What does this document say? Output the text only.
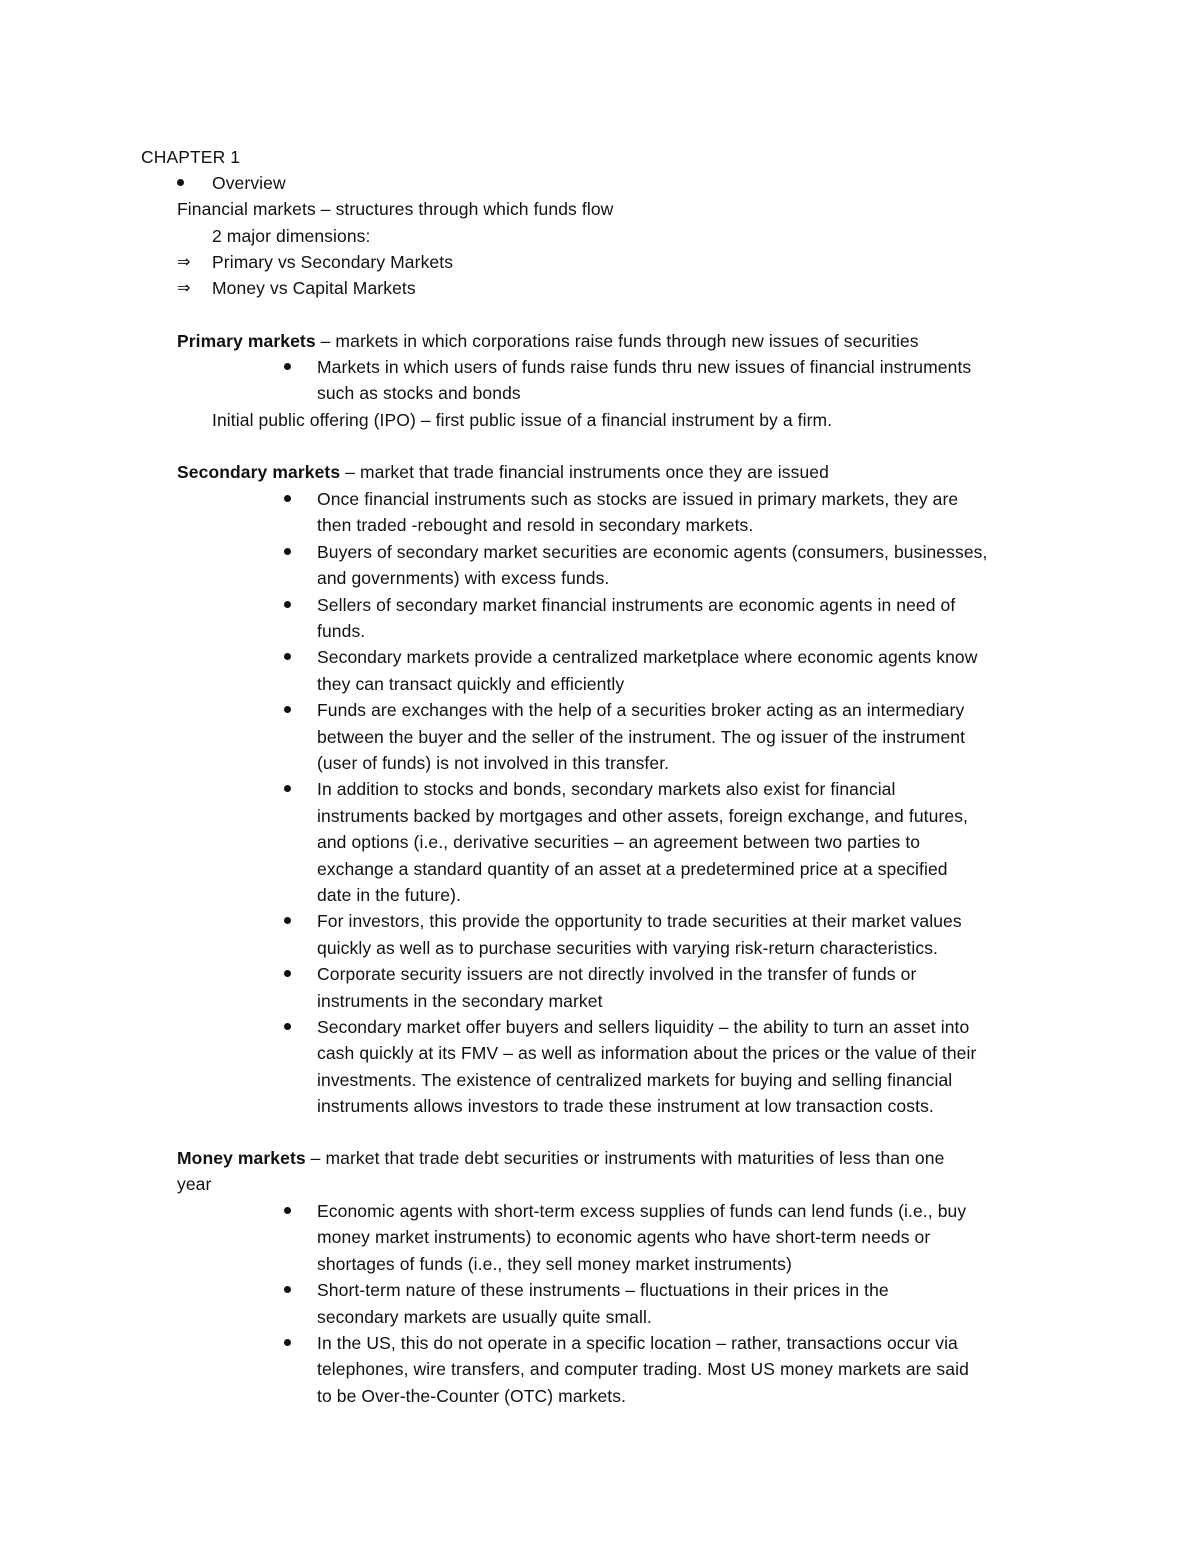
CHAPTER 1
Overview
Financial markets – structures through which funds flow
2 major dimensions:
⇒ Primary vs Secondary Markets
⇒ Money vs Capital Markets
Primary markets – markets in which corporations raise funds through new issues of securities
Markets in which users of funds raise funds thru new issues of financial instruments
such as stocks and bonds
Initial public offering (IPO) – first public issue of a financial instrument by a firm.
Secondary markets – market that trade financial instruments once they are issued
Once financial instruments such as stocks are issued in primary markets, they are
then traded -rebought and resold in secondary markets.
Buyers of secondary market securities are economic agents (consumers, businesses,
and governments) with excess funds.
Sellers of secondary market financial instruments are economic agents in need of
funds.
Secondary markets provide a centralized marketplace where economic agents know
they can transact quickly and efficiently
Funds are exchanges with the help of a securities broker acting as an intermediary
between the buyer and the seller of the instrument. The og issuer of the instrument
(user of funds) is not involved in this transfer.
In addition to stocks and bonds, secondary markets also exist for financial
instruments backed by mortgages and other assets, foreign exchange, and futures,
and options (i.e., derivative securities – an agreement between two parties to
exchange a standard quantity of an asset at a predetermined price at a specified
date in the future).
For investors, this provide the opportunity to trade securities at their market values
quickly as well as to purchase securities with varying risk-return characteristics.
Corporate security issuers are not directly involved in the transfer of funds or
instruments in the secondary market
Secondary market offer buyers and sellers liquidity – the ability to turn an asset into
cash quickly at its FMV – as well as information about the prices or the value of their
investments. The existence of centralized markets for buying and selling financial
instruments allows investors to trade these instrument at low transaction costs.
Money markets – market that trade debt securities or instruments with maturities of less than one
year
Economic agents with short-term excess supplies of funds can lend funds (i.e., buy
money market instruments) to economic agents who have short-term needs or
shortages of funds (i.e., they sell money market instruments)
Short-term nature of these instruments – fluctuations in their prices in the
secondary markets are usually quite small.
In the US, this do not operate in a specific location – rather, transactions occur via
telephones, wire transfers, and computer trading. Most US money markets are said
to be Over-the-Counter (OTC) markets.
